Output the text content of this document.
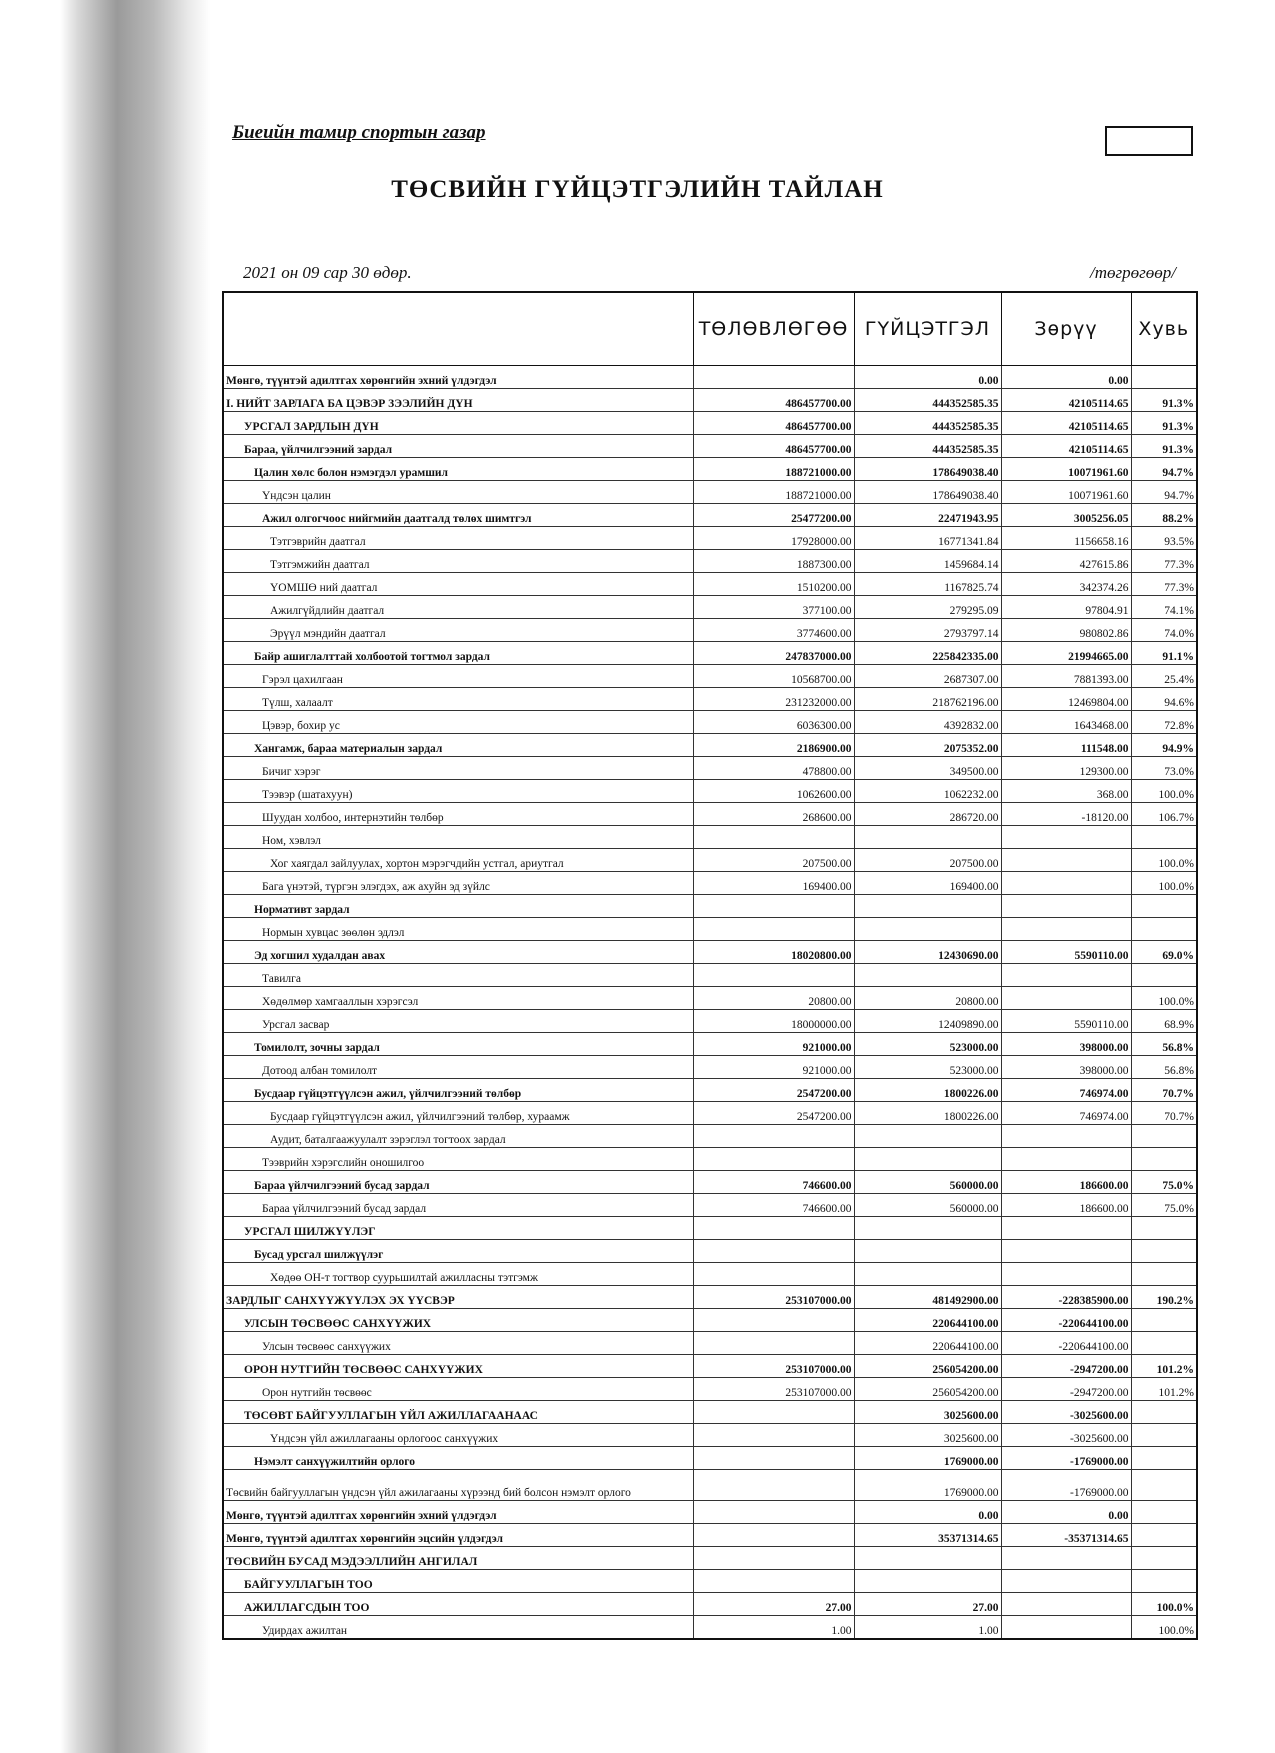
Биеийн тамир спортын газар
ТӨСВИЙН ГҮЙЦЭТГЭЛИЙН ТАЙЛАН
2021 он 09 сар 30 өдөр.	/төгрөгөөр/
	ТӨЛӨВЛӨГӨӨ	ГҮЙЦЭТГЭЛ	Зөрүү	Хувь
Мөнгө, түүнтэй адилтгах хөрөнгийн эхний үлдэгдэл		0.00	0.00	
I. НИЙТ ЗАРЛАГА БА ЦЭВЭР ЗЭЭЛИЙН ДҮН	486457700.00	444352585.35	42105114.65	91.3%
УРСГАЛ ЗАРДЛЫН ДҮН	486457700.00	444352585.35	42105114.65	91.3%
Бараа, үйлчилгээний зардал	486457700.00	444352585.35	42105114.65	91.3%
Цалин хөлс болон нэмэгдэл урамшил	188721000.00	178649038.40	10071961.60	94.7%
Үндсэн цалин	188721000.00	178649038.40	10071961.60	94.7%
Ажил олгогчоос нийгмийн даатгалд төлөх шимтгэл	25477200.00	22471943.95	3005256.05	88.2%
Тэтгэврийн даатгал	17928000.00	16771341.84	1156658.16	93.5%
Тэтгэмжийн даатгал	1887300.00	1459684.14	427615.86	77.3%
ҮОМШӨ ний даатгал	1510200.00	1167825.74	342374.26	77.3%
Ажилгүйдлийн даатгал	377100.00	279295.09	97804.91	74.1%
Эрүүл мэндийн даатгал	3774600.00	2793797.14	980802.86	74.0%
Байр ашиглалттай холбоотой тогтмол зардал	247837000.00	225842335.00	21994665.00	91.1%
Гэрэл цахилгаан	10568700.00	2687307.00	7881393.00	25.4%
Түлш, халаалт	231232000.00	218762196.00	12469804.00	94.6%
Цэвэр, бохир ус	6036300.00	4392832.00	1643468.00	72.8%
Хангамж, бараа материалын зардал	2186900.00	2075352.00	111548.00	94.9%
Бичиг хэрэг	478800.00	349500.00	129300.00	73.0%
Тээвэр (шатахуун)	1062600.00	1062232.00	368.00	100.0%
Шуудан холбоо, интернэтийн төлбөр	268600.00	286720.00	-18120.00	106.7%
Ном, хэвлэл				
Хог хаягдал зайлуулах, хортон мэрэгчдийн устгал, ариутгал	207500.00	207500.00		100.0%
Бага үнэтэй, түргэн элэгдэх, аж ахуйн эд зүйлс	169400.00	169400.00		100.0%
Нормативт зардал				
Нормын хувцас зөөлөн эдлэл				
Эд хогшил худалдан авах	18020800.00	12430690.00	5590110.00	69.0%
Тавилга				
Хөдөлмөр хамгааллын хэрэгсэл	20800.00	20800.00		100.0%
Урсгал засвар	18000000.00	12409890.00	5590110.00	68.9%
Томилолт, зочны зардал	921000.00	523000.00	398000.00	56.8%
Дотоод албан томилолт	921000.00	523000.00	398000.00	56.8%
Бусдаар гүйцэтгүүлсэн ажил, үйлчилгээний төлбөр	2547200.00	1800226.00	746974.00	70.7%
Бусдаар гүйцэтгүүлсэн ажил, үйлчилгээний төлбөр, хураамж	2547200.00	1800226.00	746974.00	70.7%
Аудит, баталгаажуулалт зэрэглэл тогтоох зардал				
Тээврийн хэрэгслийн оношилгоо				
Бараа үйлчилгээний бусад зардал	746600.00	560000.00	186600.00	75.0%
Бараа үйлчилгээний бусад зардал	746600.00	560000.00	186600.00	75.0%
УРСГАЛ ШИЛЖҮҮЛЭГ				
Бусад урсгал шилжүүлэг				
Хөдөө ОН-т тогтвор суурьшилтай ажилласны тэтгэмж				
ЗАРДЛЫГ САНХҮҮЖҮҮЛЭХ ЭХ ҮҮСВЭР	253107000.00	481492900.00	-228385900.00	190.2%
УЛСЫН ТӨСВӨӨС САНХҮҮЖИХ		220644100.00	-220644100.00	
Улсын төсвөөс санхүүжих		220644100.00	-220644100.00	
ОРОН НУТГИЙН ТӨСВӨӨС САНХҮҮЖИХ	253107000.00	256054200.00	-2947200.00	101.2%
Орон нутгийн төсвөөс	253107000.00	256054200.00	-2947200.00	101.2%
ТӨСӨВТ БАЙГУУЛЛАГЫН ҮЙЛ АЖИЛЛАГААНААС		3025600.00	-3025600.00	
Үндсэн үйл ажиллагааны орлогоос санхүүжих		3025600.00	-3025600.00	
Нэмэлт санхүүжилтийн орлого		1769000.00	-1769000.00	
Төсвийн байгууллагын үндсэн үйл ажилагааны хүрээнд бий болсон нэмэлт орлого		1769000.00	-1769000.00	
Мөнгө, түүнтэй адилтгах хөрөнгийн эхний үлдэгдэл		0.00	0.00	
Мөнгө, түүнтэй адилтгах хөрөнгийн эцсийн үлдэгдэл		35371314.65	-35371314.65	
ТӨСВИЙН БУСАД МЭДЭЭЛЛИЙН АНГИЛАЛ				
БАЙГУУЛЛАГЫН ТОО				
АЖИЛЛАГСДЫН ТОО	27.00	27.00		100.0%
Удирдах ажилтан	1.00	1.00		100.0%
